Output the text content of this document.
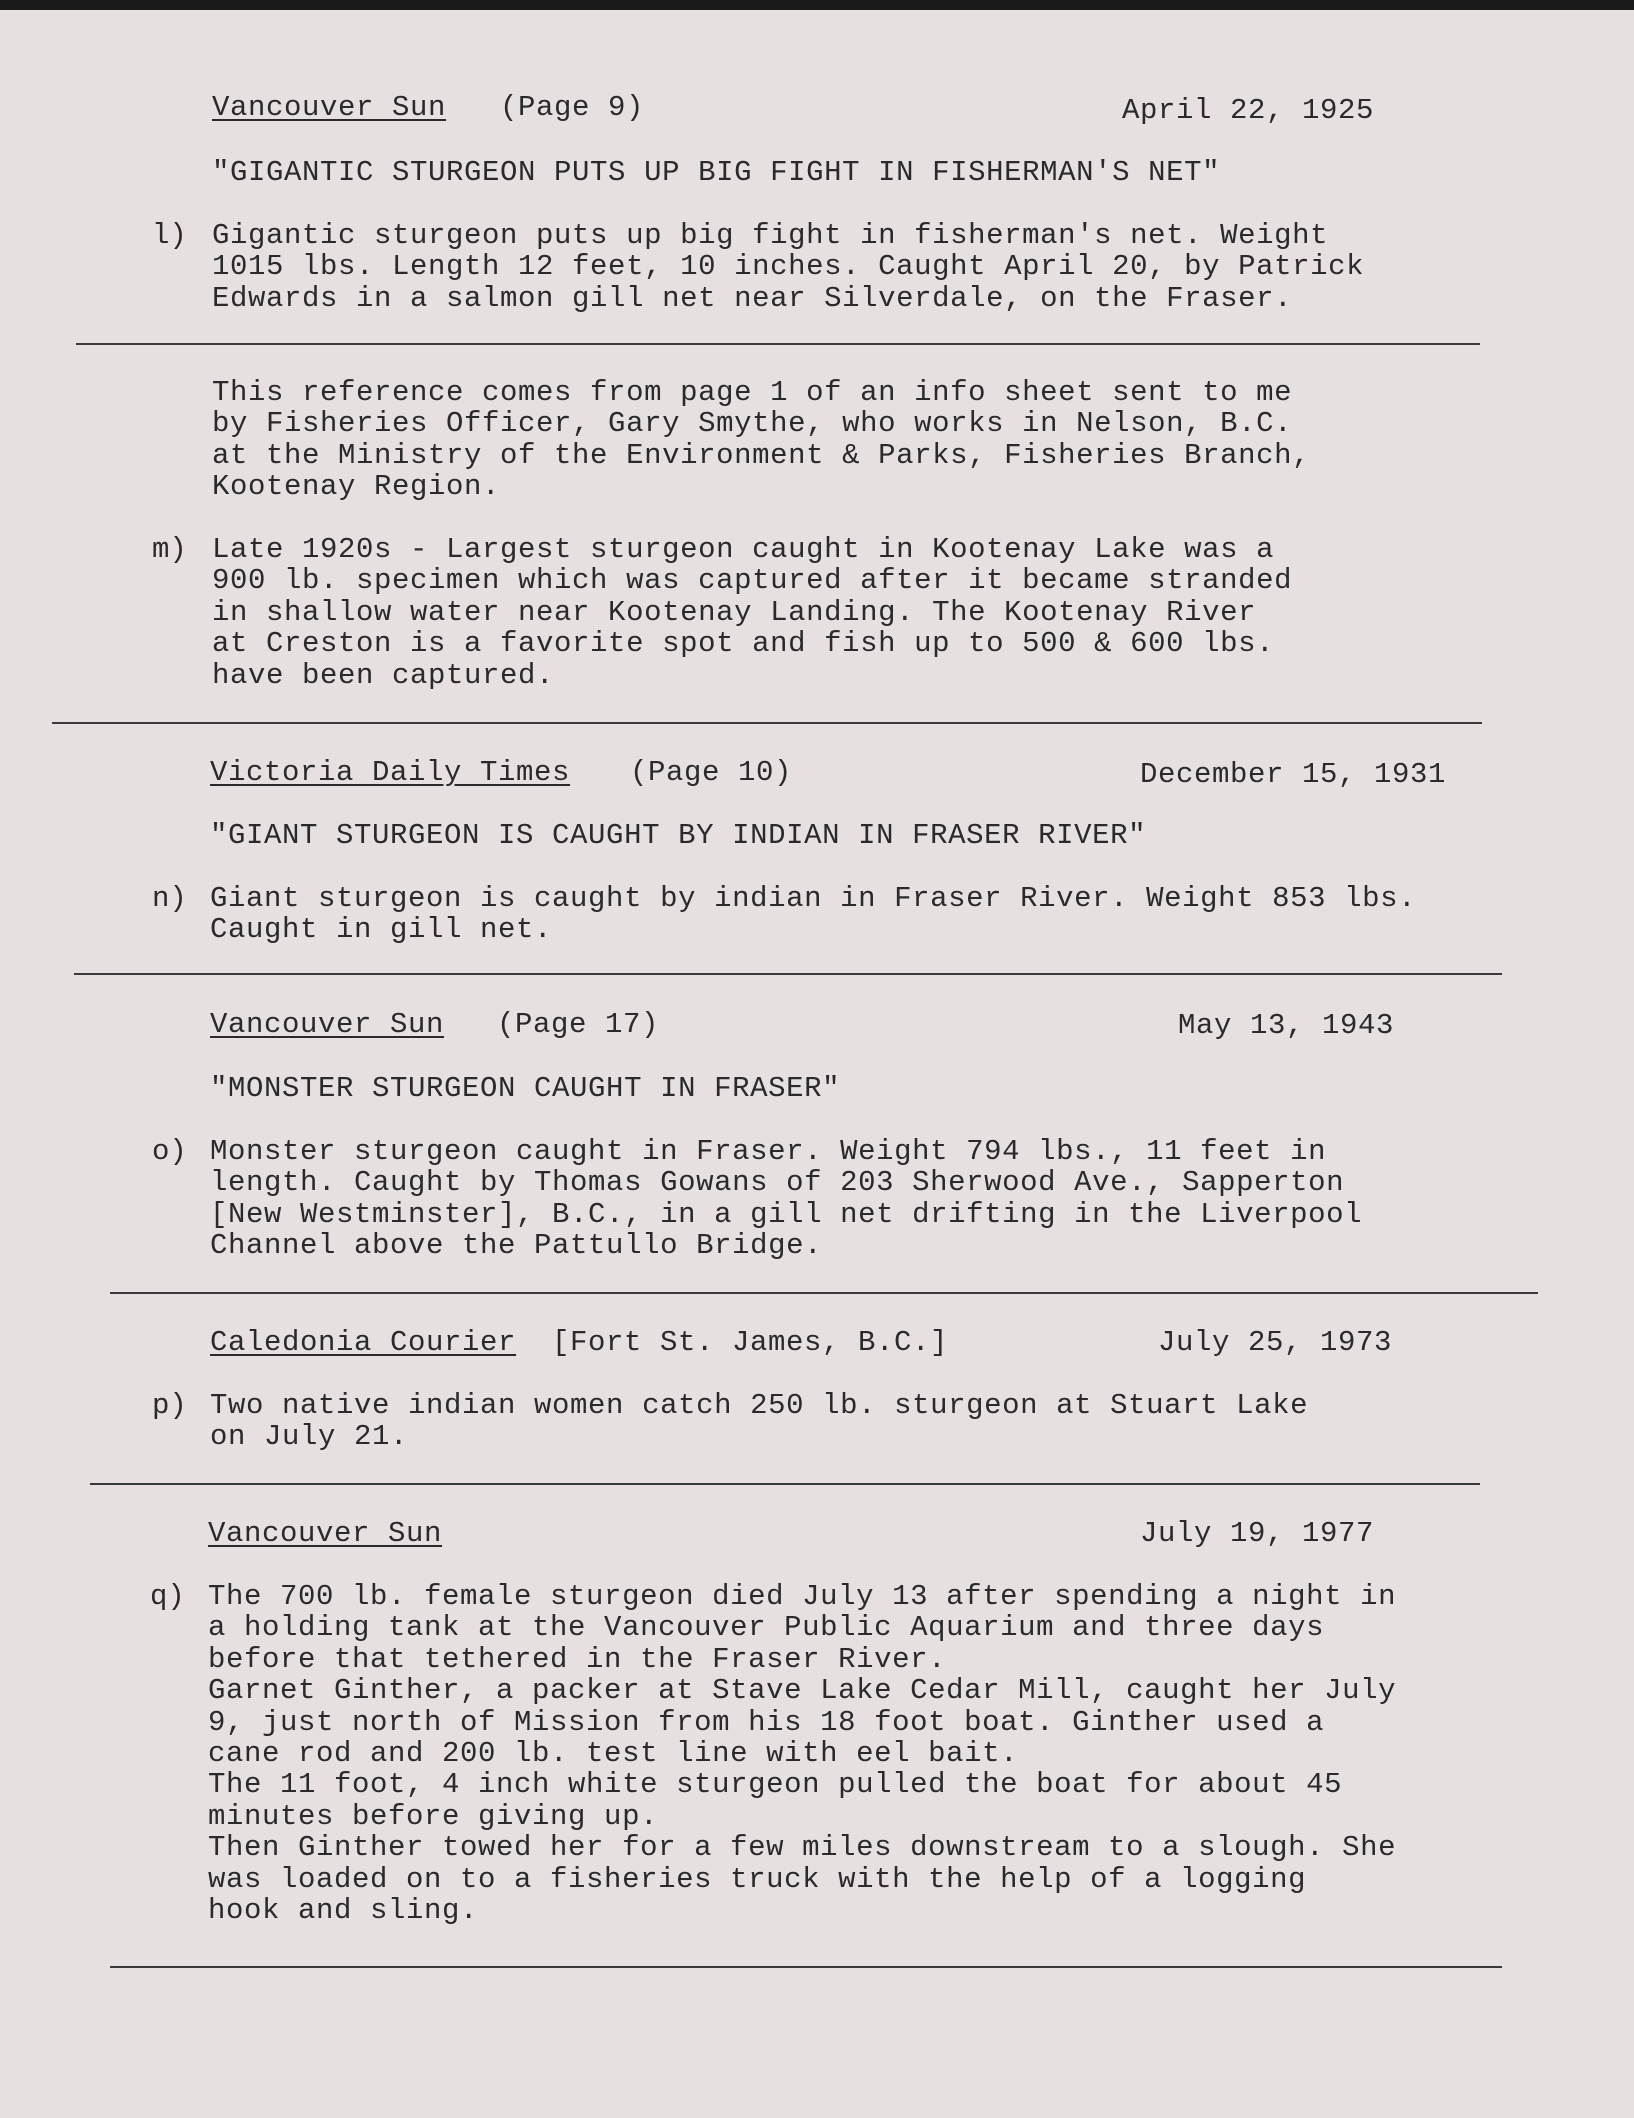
Vancouver Sun (Page 9)	April 22, 1925
"GIGANTIC STURGEON PUTS UP BIG FIGHT IN FISHERMAN'S NET"
l) Gigantic sturgeon puts up big fight in fisherman's net. Weight
1015 lbs. Length 12 feet, 10 inches. Caught April 20, by Patrick
Edwards in a salmon gill net near Silverdale, on the Fraser.
This reference comes from page 1 of an info sheet sent to me
by Fisheries Officer, Gary Smythe, who works in Nelson, B.C.
at the Ministry of the Environment & Parks, Fisheries Branch,
Kootenay Region.
m) Late 1920s - Largest sturgeon caught in Kootenay Lake was a
900 lb. specimen which was captured after it became stranded
in shallow water near Kootenay Landing. The Kootenay River
at Creston is a favorite spot and fish up to 500 & 600 lbs.
have been captured.
Victoria Daily Times (Page 10)	December 15, 1931
"GIANT STURGEON IS CAUGHT BY INDIAN IN FRASER RIVER"
n) Giant sturgeon is caught by indian in Fraser River. Weight 853 lbs.
Caught in gill net.
Vancouver Sun (Page 17)	May 13, 1943
"MONSTER STURGEON CAUGHT IN FRASER"
o) Monster sturgeon caught in Fraser. Weight 794 lbs., 11 feet in
length. Caught by Thomas Gowans of 203 Sherwood Ave., Sapperton
[New Westminster], B.C., in a gill net drifting in the Liverpool
Channel above the Pattullo Bridge.
Caledonia Courier [Fort St. James, B.C.]	July 25, 1973
p) Two native indian women catch 250 lb. sturgeon at Stuart Lake
on July 21.
Vancouver Sun	July 19, 1977
q) The 700 lb. female sturgeon died July 13 after spending a night in
a holding tank at the Vancouver Public Aquarium and three days
before that tethered in the Fraser River.
Garnet Ginther, a packer at Stave Lake Cedar Mill, caught her July
9, just north of Mission from his 18 foot boat. Ginther used a
cane rod and 200 lb. test line with eel bait.
The 11 foot, 4 inch white sturgeon pulled the boat for about 45
minutes before giving up.
Then Ginther towed her for a few miles downstream to a slough. She
was loaded on to a fisheries truck with the help of a logging
hook and sling.
